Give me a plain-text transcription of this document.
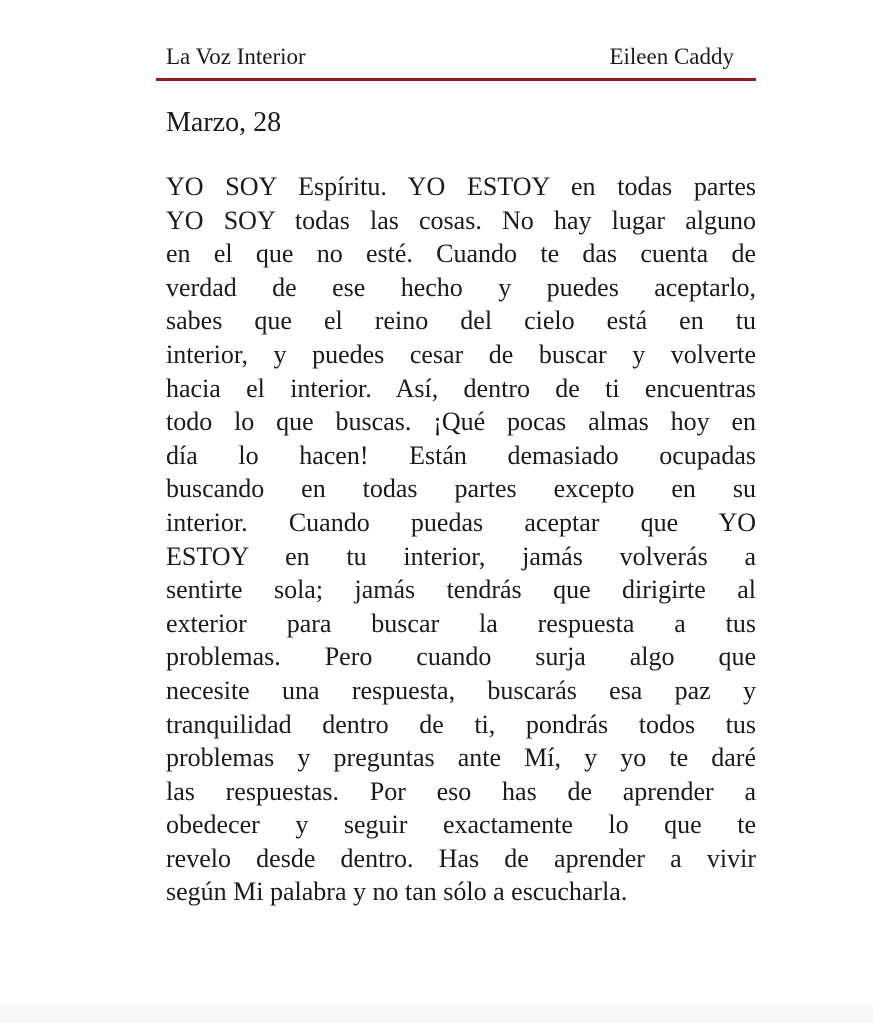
La Voz Interior	Eileen Caddy
Marzo, 28
YO SOY Espíritu. YO ESTOY en todas partes
YO SOY todas las cosas. No hay lugar alguno
en el que no esté. Cuando te das cuenta de
verdad de ese hecho y puedes aceptarlo,
sabes que el reino del cielo está en tu
interior, y puedes cesar de buscar y volverte
hacia el interior. Así, dentro de ti encuentras
todo lo que buscas. ¡Qué pocas almas hoy en
día lo hacen! Están demasiado ocupadas
buscando en todas partes excepto en su
interior. Cuando puedas aceptar que YO
ESTOY en tu interior, jamás volverás a
sentirte sola; jamás tendrás que dirigirte al
exterior para buscar la respuesta a tus
problemas. Pero cuando surja algo que
necesite una respuesta, buscarás esa paz y
tranquilidad dentro de ti, pondrás todos tus
problemas y preguntas ante Mí, y yo te daré
las respuestas. Por eso has de aprender a
obedecer y seguir exactamente lo que te
revelo desde dentro. Has de aprender a vivir
según Mi palabra y no tan sólo a escucharla.
